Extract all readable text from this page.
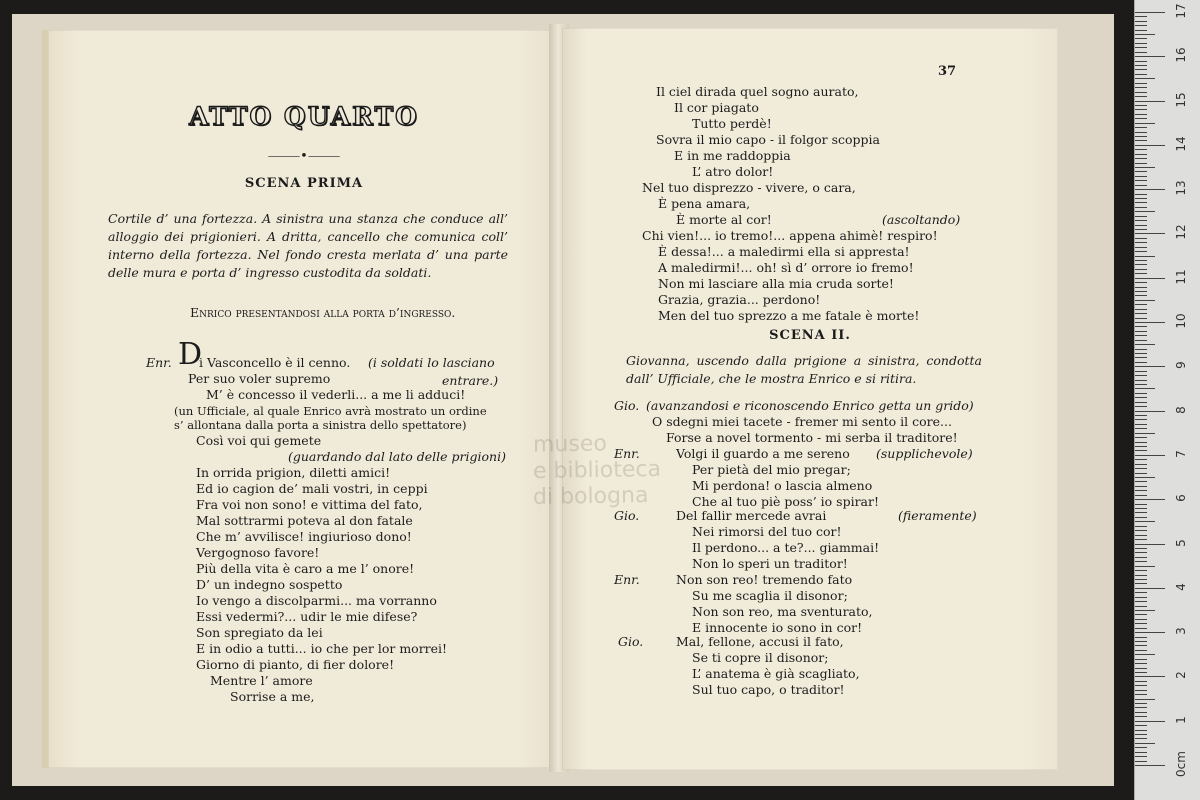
ATTO QUARTO
⸻•⸻
SCENA PRIMA
Cortile d’ una fortezza. A sinistra una stanza che conduce all’ alloggio dei prigionieri. A dritta, cancello che comunica coll’ interno della fortezza. Nel fondo cresta merlata d’ una parte delle mura e porta d’ ingresso custodita da soldati.
Enrico presentandosi alla porta d’ingresso.
Enr. D
i Vasconcello è il cenno. (i soldati lo lasciano
Per suo voler supremo	entrare.)
M’ è concesso il vederli... a me li adduci!
(un Ufficiale, al quale Enrico avrà mostrato un ordine
s’ allontana dalla porta a sinistra dello spettatore)
Così voi qui gemete
(guardando dal lato delle prigioni)
In orrida prigion, diletti amici!
Ed io cagion de’ mali vostri, in ceppi
Fra voi non sono! e vittima del fato,
Mal sottrarmi poteva al don fatale
Che m’ avvilisce! ingiurioso dono!
Vergognoso favore!
Più della vita è caro a me l’ onore!
D’ un indegno sospetto
Io vengo a discolparmi... ma vorranno
Essi vedermi?... udir le mie difese?
Son spregiato da lei
E in odio a tutti... io che per lor morrei!
Giorno di pianto, di fier dolore!
Mentre l’ amore
Sorrise a me,
37
Il ciel dirada quel sogno aurato,
Il cor piagato
Tutto perdè!
Sovra il mio capo - il folgor scoppia
E in me raddoppia
L’ atro dolor!
Nel tuo disprezzo - vivere, o cara,
È pena amara,
È morte al cor!	(ascoltando)
Chi vien!... io tremo!... appena ahimè! respiro!
È dessa!... a maledirmi ella si appresta!
A maledirmi!... oh! sì d’ orrore io fremo!
Non mi lasciare alla mia cruda sorte!
Grazia, grazia... perdono!
Men del tuo sprezzo a me fatale è morte!
SCENA II.
Giovanna, uscendo dalla prigione a sinistra, condotta dall’ Ufficiale, che le mostra Enrico e si ritira.
Gio. (avanzandosi e riconoscendo Enrico getta un grido)
O sdegni miei tacete - fremer mi sento il core...
Forse a novel tormento - mi serba il traditore!
Enr.	Volgi il guardo a me sereno (supplichevole)
Per pietà del mio pregar;
Mi perdona! o lascia almeno
Che al tuo piè poss’ io spirar!
Gio.	Del fallir mercede avrai	(fieramente)
Nei rimorsi del tuo cor!
Il perdono... a te?... giammai!
Non lo speri un traditor!
Enr.	Non son reo! tremendo fato
Su me scaglia il disonor;
Non son reo, ma sventurato,
E innocente io sono in cor!
Gio.	Mal, fellone, accusi il fato,
Se ti copre il disonor;
L’ anatema è già scagliato,
Sul tuo capo, o traditor!
museo
e biblioteca
di bologna
0cm
1
2
3
4
5
6
7
8
9
10
11
12
13
14
15
16
17
